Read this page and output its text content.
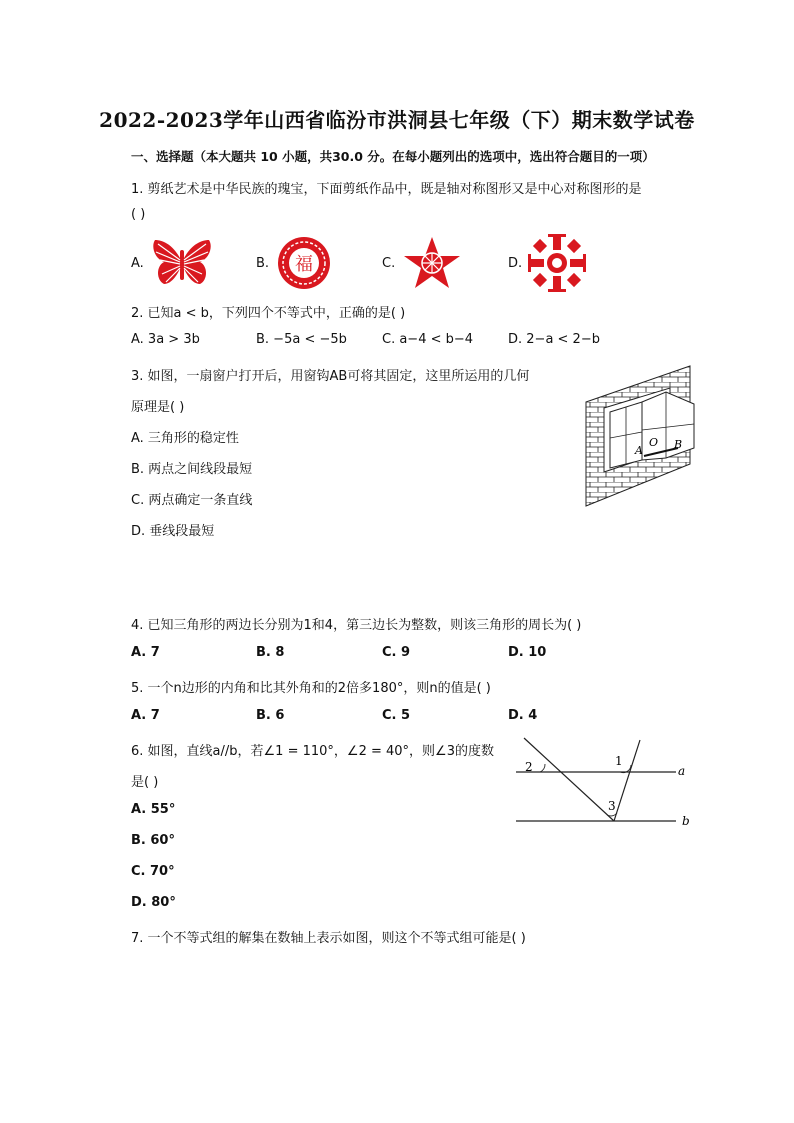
2022-2023学年山西省临汾市洪洞县七年级（下）期末数学试卷
一、选择题（本大题共 10 小题，共30.0 分。在每小题列出的选项中，选出符合题目的一项）
1. 剪纸艺术是中华民族的瑰宝，下面剪纸作品中，既是轴对称图形又是中心对称图形的是
( )
A.	B. 福	C.	D.
2. 已知a < b，下列四个不等式中，正确的是( )
A. 3a > 3b	B. −5a < −5b	C. a−4 < b−4	D. 2−a < 2−b
3. 如图，一扇窗户打开后，用窗钩AB可将其固定，这里所运用的几何
原理是( )
A. 三角形的稳定性
B. 两点之间线段最短
C. 两点确定一条直线
D. 垂线段最短
A
O B
4. 已知三角形的两边长分别为1和4，第三边长为整数，则该三角形的周长为( )
A. 7	B. 8	C. 9	D. 10
5. 一个n边形的内角和比其外角和的2倍多180°，则n的值是( )
A. 7	B. 6	C. 5	D. 4
6. 如图，直线a//b，若∠1 = 110°，∠2 = 40°，则∠3的度数
是( )
A. 55°
B. 60°
C. 70°
D. 80°
1
2
3
a
b
7. 一个不等式组的解集在数轴上表示如图，则这个不等式组可能是( )
